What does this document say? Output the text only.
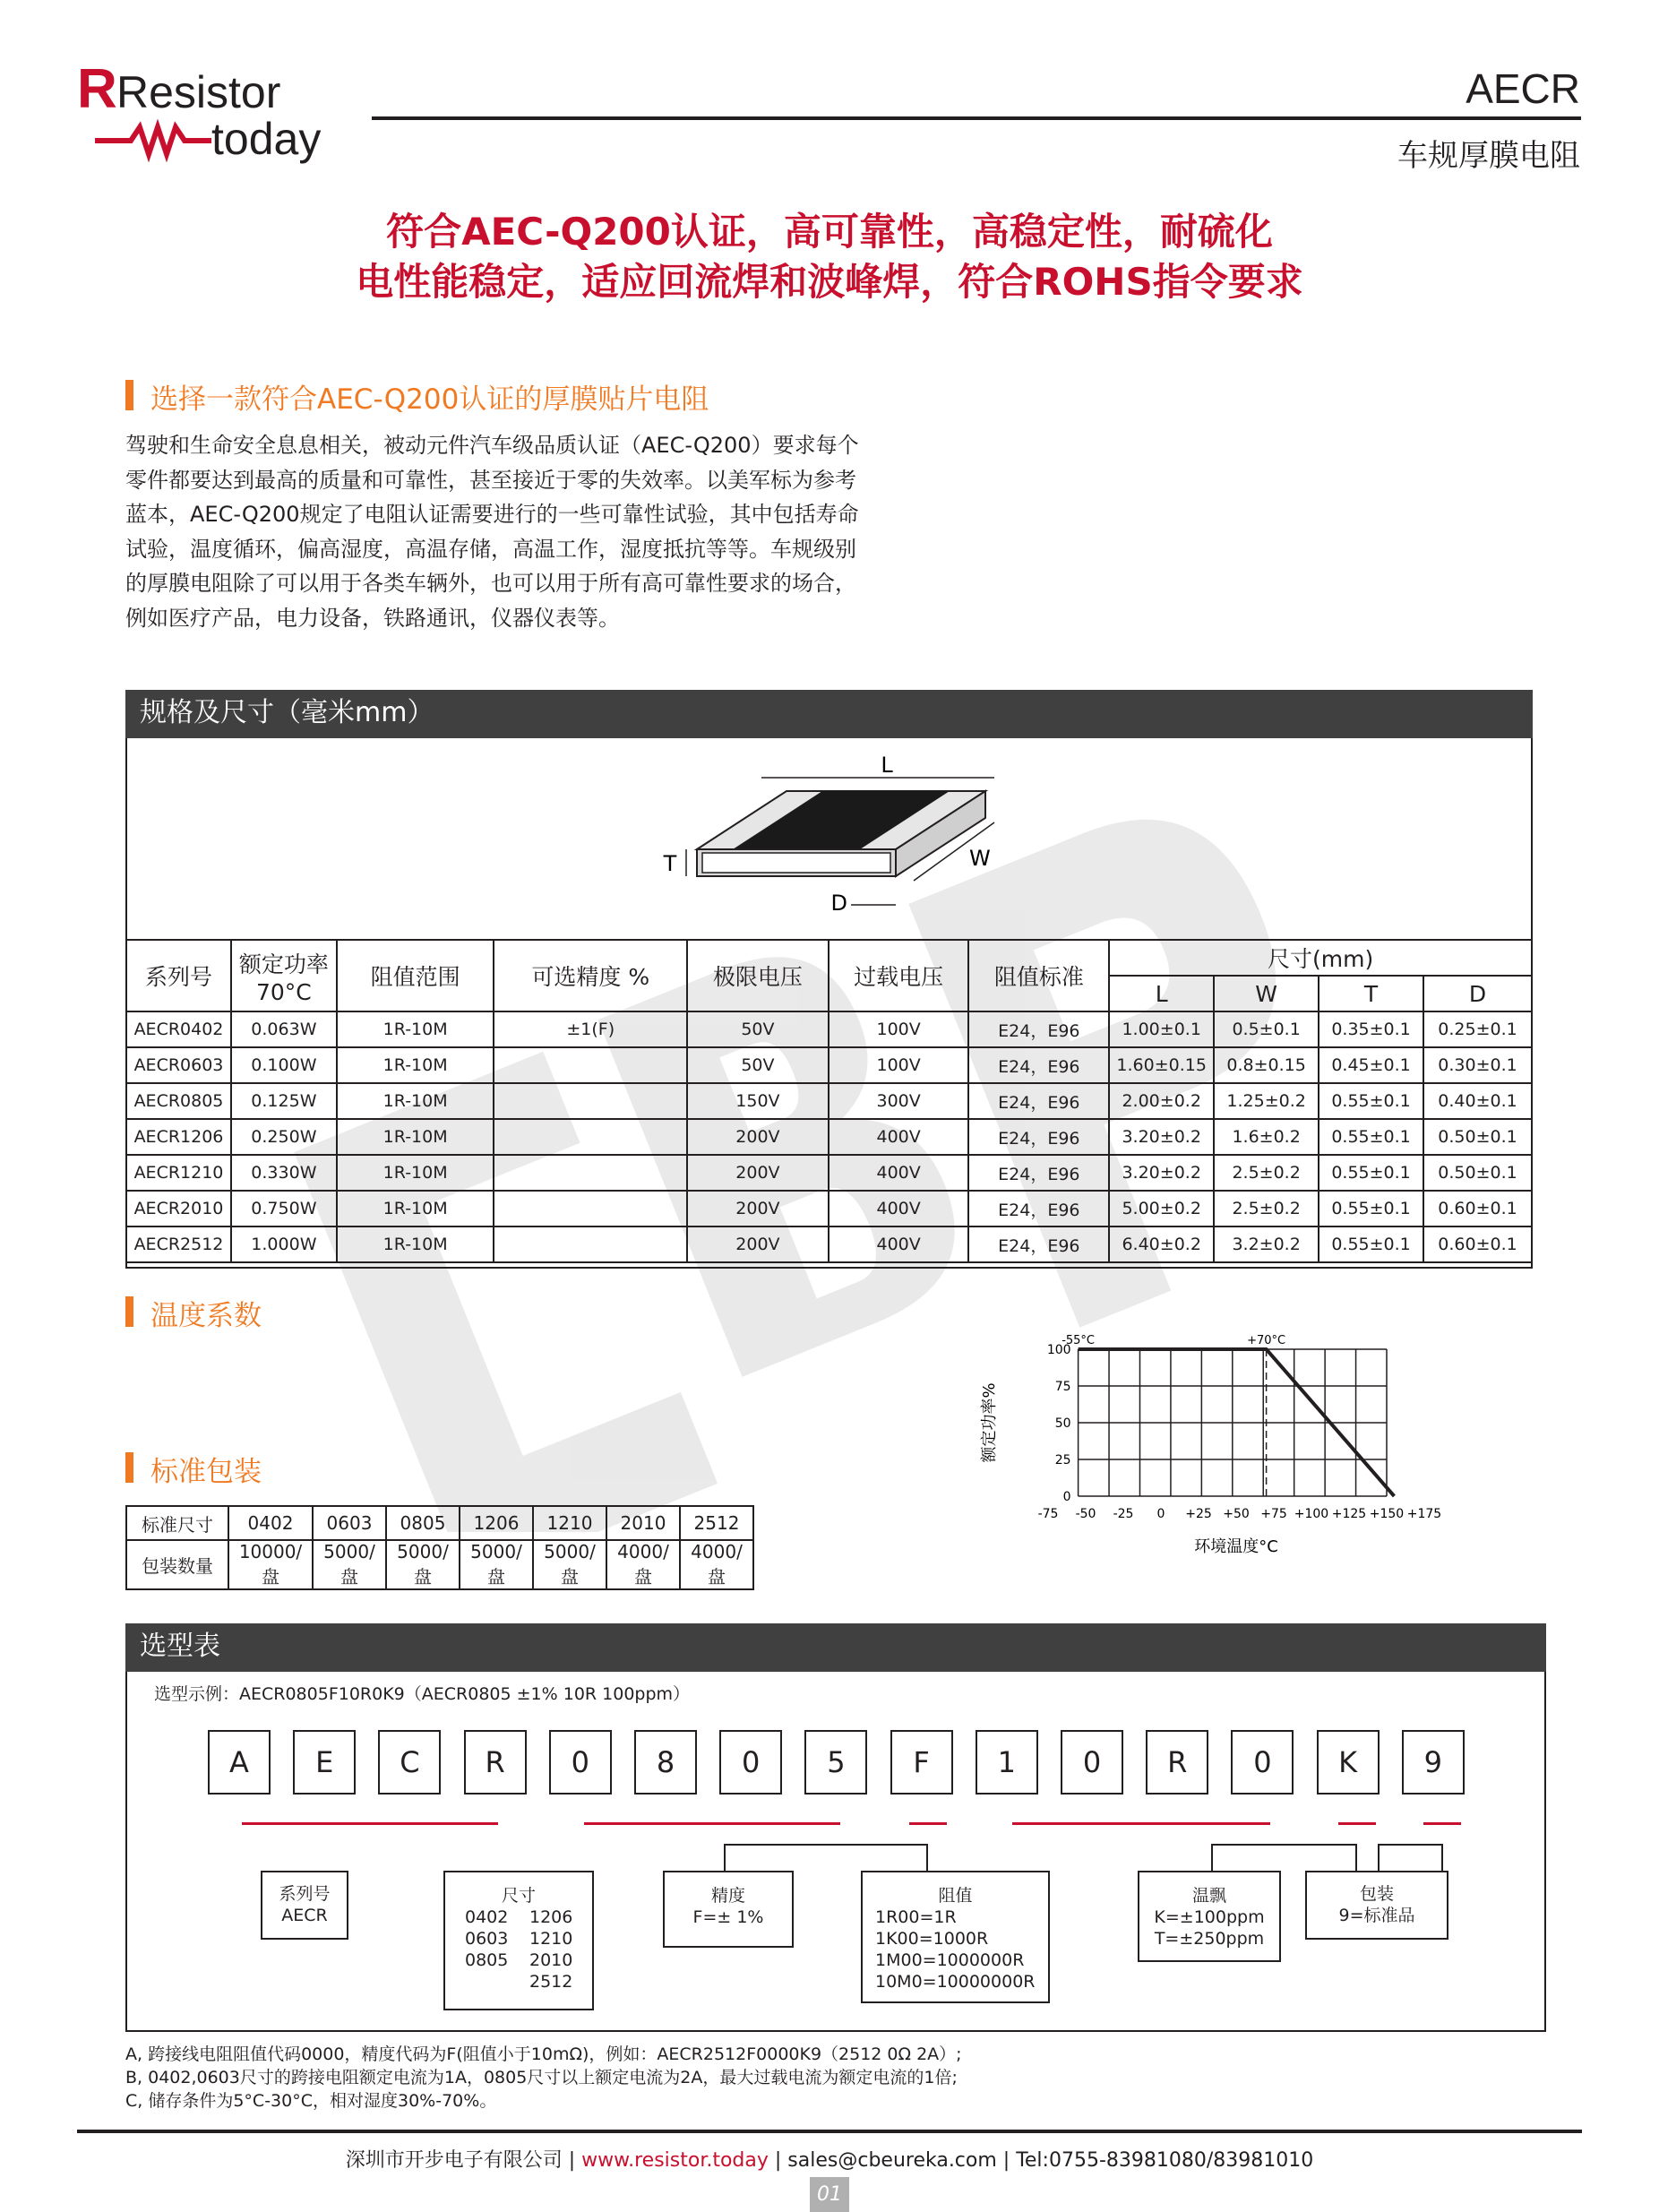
R Resistor
today
AECR
车规厚膜电阻
符合AEC-Q200认证，高可靠性，高稳定性，耐硫化
电性能稳定，适应回流焊和波峰焊，符合ROHS指令要求
选择一款符合AEC-Q200认证的厚膜贴片电阻
驾驶和生命安全息息相关，被动元件汽车级品质认证（AEC-Q200）要求每个
零件都要达到最高的质量和可靠性，甚至接近于零的失效率。以美军标为参考
蓝本，AEC-Q200规定了电阻认证需要进行的一些可靠性试验，其中包括寿命
试验，温度循环，偏高湿度，高温存储，高温工作，湿度抵抗等等。车规级别
的厚膜电阻除了可以用于各类车辆外，也可以用于所有高可靠性要求的场合，
例如医疗产品，电力设备，铁路通讯，仪器仪表等。
规格及尺寸（毫米mm）
L
W
T
D
系列号	额定功率
70°C	阻值范围	可选精度 %	极限电压	过载电压	阻值标准	尺寸(mm)			
							L	W	T	D
AECR0402	0.063W	1R-10M	±1(F)	50V	100V	E24，E96	1.00±0.1	0.5±0.1	0.35±0.1	0.25±0.1
AECR0603	0.100W	1R-10M		50V	100V	E24，E96	1.60±0.15	0.8±0.15	0.45±0.1	0.30±0.1
AECR0805	0.125W	1R-10M		150V	300V	E24，E96	2.00±0.2	1.25±0.2	0.55±0.1	0.40±0.1
AECR1206	0.250W	1R-10M		200V	400V	E24，E96	3.20±0.2	1.6±0.2	0.55±0.1	0.50±0.1
AECR1210	0.330W	1R-10M		200V	400V	E24，E96	3.20±0.2	2.5±0.2	0.55±0.1	0.50±0.1
AECR2010	0.750W	1R-10M		200V	400V	E24，E96	5.00±0.2	2.5±0.2	0.55±0.1	0.60±0.1
AECR2512	1.000W	1R-10M		200V	400V	E24，E96	6.40±0.2	3.2±0.2	0.55±0.1	0.60±0.1
温度系数
0
25
50
75
100
-75 -50 -25 0 +25 +50 +75 +100 +125 +150 +175
-55°C	+70°C
环境温度°C
额定功率%
标准包装
标准尺寸	0402	0603	0805	1206	1210	2010	2512
包装数量	10000/盘	5000/盘	5000/盘	5000/盘	5000/盘	4000/盘	4000/盘
选型表
选型示例：AECR0805F10R0K9（AECR0805 ±1% 10R 100ppm）
A	E	C	R	0	8	0	5	F	1	0	R	0	K	9
系列号
AECR
尺寸
0402
0603
0805
1206
1210
2010
2512
精度
F=± 1%
阻值
1R00=1R
1K00=1000R
1M00=1000000R
10M0=10000000R
温飘
K=±100ppm
T=±250ppm
包装
9=标准品
A, 跨接线电阻阻值代码0000，精度代码为F(阻值小于10mΩ)，例如：AECR2512F0000K9（2512 0Ω 2A）;
B, 0402,0603尺寸的跨接电阻额定电流为1A，0805尺寸以上额定电流为2A，最大过载电流为额定电流的1倍;
C, 储存条件为5°C-30°C，相对湿度30%-70%。
深圳市开步电子有限公司 | www.resistor.today | sales@cbeureka.com | Tel:0755-83981080/83981010
01
